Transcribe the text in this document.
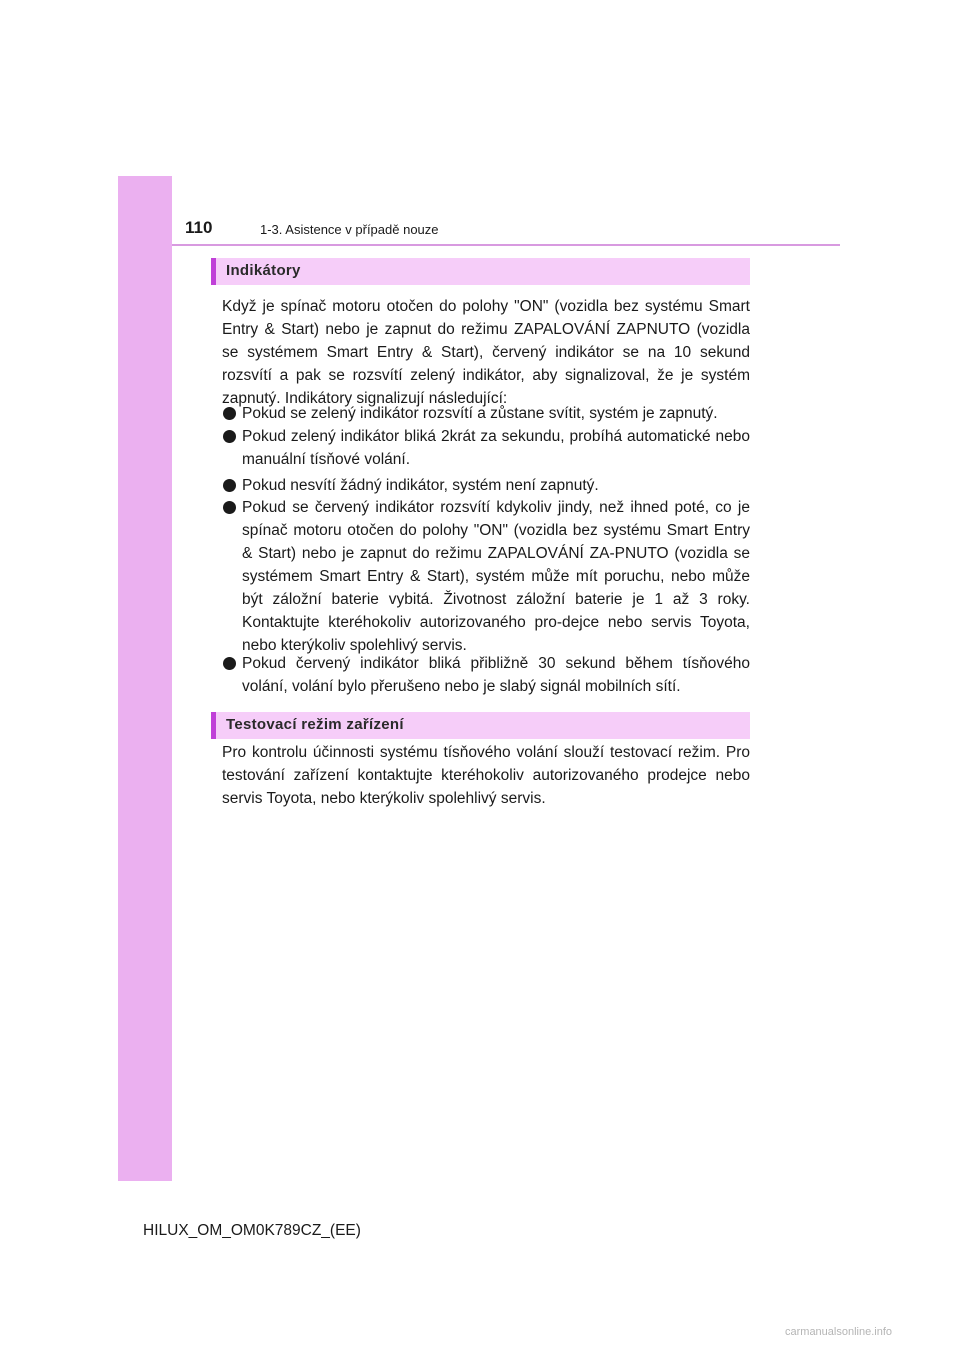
110	1-3. Asistence v případě nouze
Indikátory
Když je spínač motoru otočen do polohy "ON" (vozidla bez systému Smart Entry & Start) nebo je zapnut do režimu ZAPALOVÁNÍ ZAPNUTO (vozidla se systémem Smart Entry & Start), červený indikátor se na 10 sekund rozsvítí a pak se rozsvítí zelený indikátor, aby signalizoval, že je systém zapnutý. Indikátory signalizují následující:
Pokud se zelený indikátor rozsvítí a zůstane svítit, systém je zapnutý.
Pokud zelený indikátor bliká 2krát za sekundu, probíhá automatické nebo manuální tísňové volání.
Pokud nesvítí žádný indikátor, systém není zapnutý.
Pokud se červený indikátor rozsvítí kdykoliv jindy, než ihned poté, co je spínač motoru otočen do polohy "ON" (vozidla bez systému Smart Entry & Start) nebo je zapnut do režimu ZAPALOVÁNÍ ZA-PNUTO (vozidla se systémem Smart Entry & Start), systém může mít poruchu, nebo může být záložní baterie vybitá. Životnost záložní baterie je 1 až 3 roky. Kontaktujte kteréhokoliv autorizovaného pro-dejce nebo servis Toyota, nebo kterýkoliv spolehlivý servis.
Pokud červený indikátor bliká přibližně 30 sekund během tísňového volání, volání bylo přerušeno nebo je slabý signál mobilních sítí.
Testovací režim zařízení
Pro kontrolu účinnosti systému tísňového volání slouží testovací režim. Pro testování zařízení kontaktujte kteréhokoliv autorizovaného prodejce nebo servis Toyota, nebo kterýkoliv spolehlivý servis.
HILUX_OM_OM0K789CZ_(EE)
carmanualsonline.info
